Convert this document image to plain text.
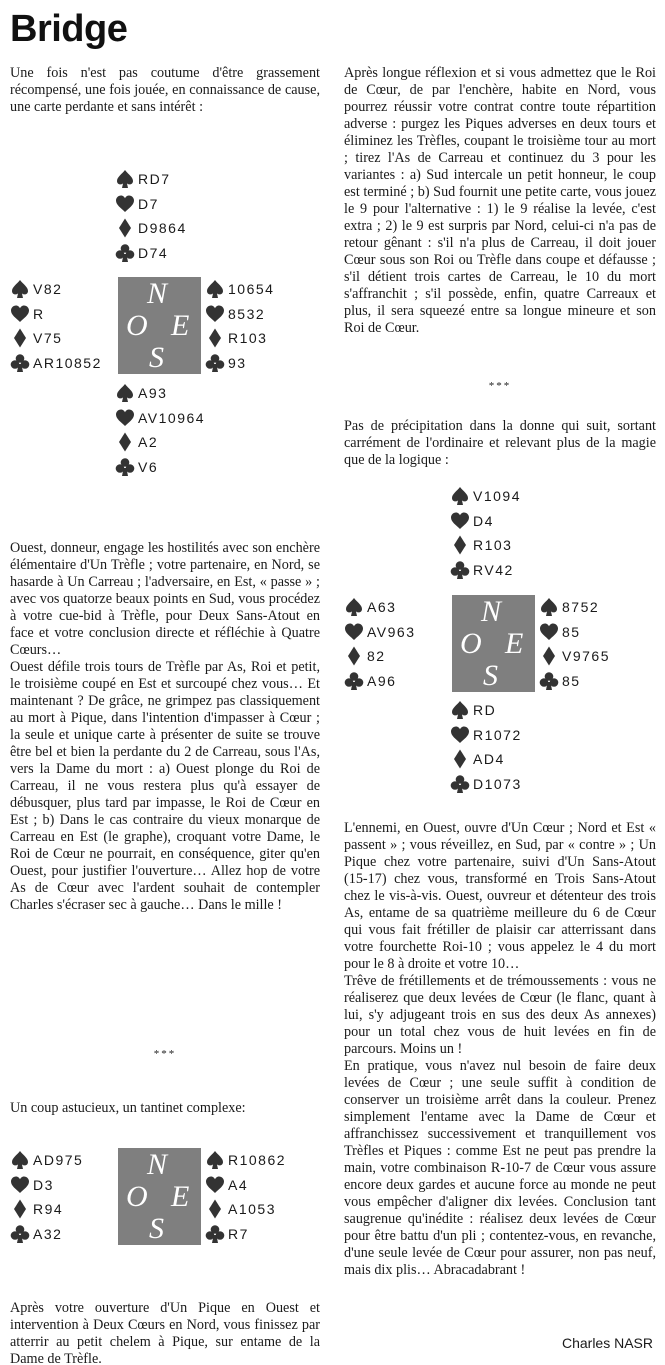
Bridge

Une fois n'est pas coutume d'être grassement récompensé, une fois jouée, en connaissance de cause, une carte perdante et sans intérêt :

RD7
D7
D9864
D74
V82
R
V75
AR10852
N
O E
S
10654
8532
R103
93
A93
AV10964
A2
V6

Ouest, donneur, engage les hostilités avec son enchère élémentaire d'Un Trèfle ; votre partenaire, en Nord, se hasarde à Un Carreau ; l'adversaire, en Est, « passe » ; avec vos quatorze beaux points en Sud, vous procédez à votre cue-bid à Trèfle, pour Deux Sans-Atout en face et votre conclusion directe et réfléchie à Quatre Cœurs…

Ouest défile trois tours de Trèfle par As, Roi et petit, le troisième coupé en Est et surcoupé chez vous… Et maintenant ? De grâce, ne grimpez pas classiquement au mort à Pique, dans l'intention d'impasser à Cœur ; la seule et unique carte à présenter de suite se trouve être bel et bien la perdante du 2 de Carreau, sous l'As, vers la Dame du mort : a) Ouest plonge du Roi de Carreau, il ne vous restera plus qu'à essayer de débusquer, plus tard par impasse, le Roi de Cœur en Est ; b) Dans le cas contraire du vieux monarque de Carreau en Est (le graphe), croquant votre Dame, le Roi de Cœur ne pourrait, en conséquence, giter qu'en Ouest, pour justifier l'ouverture… Allez hop de votre As de Cœur avec l'ardent souhait de contempler Charles s'écraser sec à gauche… Dans le mille !

***

Un coup astucieux, un tantinet complexe:

AD975
D3
R94
A32
N
O E
S
R10862
A4
A1053
R7

Après votre ouverture d'Un Pique en Ouest et intervention à Deux Cœurs en Nord, vous finissez par atterrir au petit chelem à Pique, sur entame de la Dame de Trèfle.

Après longue réflexion et si vous admettez que le Roi de Cœur, de par l'enchère, habite en Nord, vous pourrez réussir votre contrat contre toute répartition adverse : purgez les Piques adverses en deux tours et éliminez les Trèfles, coupant le troisième tour au mort ; tirez l'As de Carreau et continuez du 3 pour les variantes : a) Sud intercale un petit honneur, le coup est terminé ; b) Sud fournit une petite carte, vous jouez le 9 pour l'alternative : 1) le 9 réalise la levée, c'est extra ; 2) le 9 est surpris par Nord, celui-ci n'a pas de retour gênant : s'il n'a plus de Carreau, il doit jouer Cœur sous son Roi ou Trèfle dans coupe et défausse ; s'il détient trois cartes de Carreau, le 10 du mort s'affranchit ; s'il possède, enfin, quatre Carreaux et plus, il sera squeezé entre sa longue mineure et son Roi de Cœur.

***

Pas de précipitation dans la donne qui suit, sortant carrément de l'ordinaire et relevant plus de la magie que de la logique :

V1094
D4
R103
RV42
A63
AV963
82
A96
N
O E
S
8752
85
V9765
85
RD
R1072
AD4
D1073

L'ennemi, en Ouest, ouvre d'Un Cœur ; Nord et Est « passent » ; vous réveillez, en Sud, par « contre » ; Un Pique chez votre partenaire, suivi d'Un Sans-Atout (15-17) chez vous, transformé en Trois Sans-Atout chez le vis-à-vis. Ouest, ouvreur et détenteur des trois As, entame de sa quatrième meilleure du 6 de Cœur qui vous fait frétiller de plaisir car atterrissant dans votre fourchette Roi-10 ; vous appelez le 4 du mort pour le 8 à droite et votre 10…

Trêve de frétillements et de trémoussements : vous ne réaliserez que deux levées de Cœur (le flanc, quant à lui, s'y adjugeant trois en sus des deux As annexes) pour un total chez vous de huit levées en fin de parcours. Moins un !

En pratique, vous n'avez nul besoin de faire deux levées de Cœur ; une seule suffit à condition de conserver un troisième arrêt dans la couleur. Prenez simplement l'entame avec la Dame de Cœur et affranchissez successivement et tranquillement vos Trèfles et Piques : comme Est ne peut pas prendre la main, votre combinaison R-10-7 de Cœur vous assure encore deux gardes et aucune force au monde ne peut vous empêcher d'aligner dix levées. Conclusion tant saugrenue qu'inédite : réalisez deux levées de Cœur pour être battu d'un pli ; contentez-vous, en revanche, d'une seule levée de Cœur pour assurer, non pas neuf, mais dix plis… Abracadabrant !

Charles NASR
